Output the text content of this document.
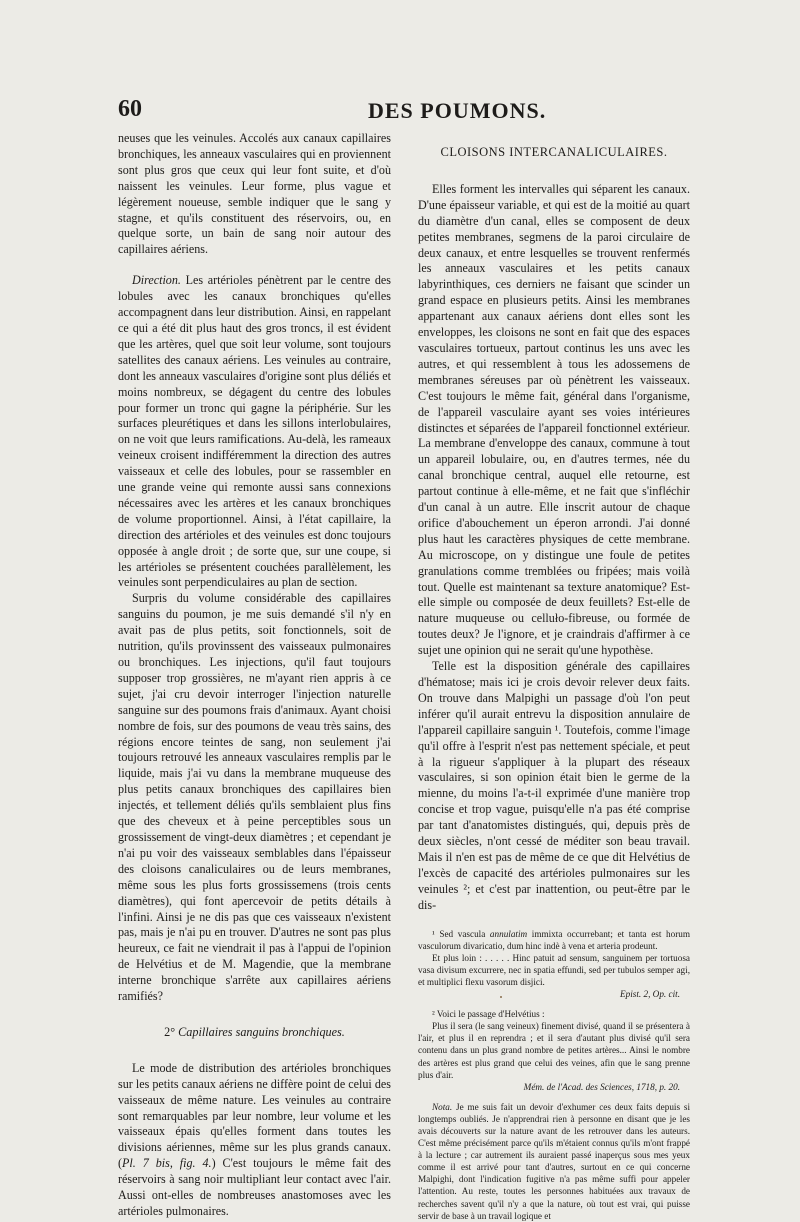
60	DES POUMONS.

neuses que les veinules. Accolés aux canaux capillaires bronchiques, les anneaux vasculaires qui en proviennent sont plus gros que ceux qui leur font suite, et d'où naissent les veinules. Leur forme, plus vague et légèrement noueuse, semble indiquer que le sang y stagne, et qu'ils constituent des réservoirs, ou, en quelque sorte, un bain de sang noir autour des capillaires aériens.

Direction. Les artérioles pénètrent par le centre des lobules avec les canaux bronchiques qu'elles accompagnent dans leur distribution. Ainsi, en rappelant ce qui a été dit plus haut des gros troncs, il est évident que les artères, quel que soit leur volume, sont toujours satellites des canaux aériens. Les veinules au contraire, dont les anneaux vasculaires d'origine sont plus déliés et moins nombreux, se dégagent du centre des lobules pour former un tronc qui gagne la périphérie. Sur les surfaces pleurétiques et dans les sillons interlobulaires, on ne voit que leurs ramifications. Au-delà, les rameaux veineux croisent indifféremment la direction des autres vaisseaux et celle des lobules, pour se rassembler en une grande veine qui remonte aussi sans connexions nécessaires avec les artères et les canaux bronchiques de volume proportionnel. Ainsi, à l'état capillaire, la direction des artérioles et des veinules est donc toujours opposée à angle droit ; de sorte que, sur une coupe, si les artérioles se présentent couchées parallèlement, les veinules sont perpendiculaires au plan de section.

Surpris du volume considérable des capillaires sanguins du poumon, je me suis demandé s'il n'y en avait pas de plus petits, soit fonctionnels, soit de nutrition, qu'ils provinssent des vaisseaux pulmonaires ou bronchiques. Les injections, qu'il faut toujours supposer trop grossières, ne m'ayant rien appris à ce sujet, j'ai cru devoir interroger l'injection naturelle sanguine sur des poumons frais d'animaux. Ayant choisi nombre de fois, sur des poumons de veau très sains, des régions encore teintes de sang, non seulement j'ai toujours retrouvé les anneaux vasculaires remplis par le liquide, mais j'ai vu dans la membrane muqueuse des plus petits canaux bronchiques des capillaires bien injectés, et tellement déliés qu'ils semblaient plus fins que des cheveux et à peine perceptibles sous un grossissement de vingt-deux diamètres ; et cependant je n'ai pu voir des vaisseaux semblables dans l'épaisseur des cloisons canaliculaires ou de leurs membranes, même sous les plus forts grossissemens (trois cents diamètres), qui font apercevoir de petits détails à l'infini. Ainsi je ne dis pas que ces vaisseaux n'existent pas, mais je n'ai pu en trouver. D'autres ne sont pas plus heureux, ce fait ne viendrait il pas à l'appui de l'opinion de Helvétius et de M. Magendie, que la membrane interne bronchique s'arrête aux capillaires aériens ramifiés?

2° Capillaires sanguins bronchiques.

Le mode de distribution des artérioles bronchiques sur les petits canaux aériens ne diffère point de celui des vaisseaux de même nature. Les veinules au contraire sont remarquables par leur nombre, leur volume et les vaisseaux épais qu'elles forment dans toutes les divisions aériennes, même sur les plus grands canaux. (Pl. 7 bis, fig. 4.) C'est toujours le même fait des réservoirs à sang noir multipliant leur contact avec l'air. Aussi ont-elles de nombreuses anastomoses avec les artérioles pulmonaires.

CLOISONS INTERCANALICULAIRES.

Elles forment les intervalles qui séparent les canaux. D'une épaisseur variable, et qui est de la moitié au quart du diamètre d'un canal, elles se composent de deux petites membranes, segmens de la paroi circulaire de deux canaux, et entre lesquelles se trouvent renfermés les anneaux vasculaires et les petits canaux labyrinthiques, ces derniers ne faisant que scinder un grand espace en plusieurs petits. Ainsi les membranes appartenant aux canaux aériens dont elles sont les enveloppes, les cloisons ne sont en fait que des espaces vasculaires tortueux, partout continus les uns avec les autres, et qui ressemblent à tous les adossemens de membranes séreuses par où pénètrent les vaisseaux. C'est toujours le même fait, général dans l'organisme, de l'appareil vasculaire ayant ses voies intérieures distinctes et séparées de l'appareil fonctionnel extérieur. La membrane d'enveloppe des canaux, commune à tout un appareil lobulaire, ou, en d'autres termes, née du canal bronchique central, auquel elle retourne, est partout continue à elle-même, et ne fait que s'infléchir d'un canal à un autre. Elle inscrit autour de chaque orifice d'abouchement un éperon arrondi. J'ai donné plus haut les caractères physiques de cette membrane. Au microscope, on y distingue une foule de petites granulations comme tremblées ou fripées; mais voilà tout. Quelle est maintenant sa texture anatomique? Est-elle simple ou composée de deux feuillets? Est-elle de nature muqueuse ou celluło-fibreuse, ou formée de toutes deux? Je l'ignore, et je craindrais d'affirmer à ce sujet une opinion qui ne serait qu'une hypothèse.

Telle est la disposition générale des capillaires d'hématose; mais ici je crois devoir relever deux faits. On trouve dans Malpighi un passage d'où l'on peut inférer qu'il aurait entrevu la disposition annulaire de l'appareil capillaire sanguin ¹. Toutefois, comme l'image qu'il offre à l'esprit n'est pas nettement spéciale, et peut à la rigueur s'appliquer à la plupart des réseaux vasculaires, si son opinion était bien le germe de la mienne, du moins l'a-t-il exprimée d'une manière trop concise et trop vague, puisqu'elle n'a pas été comprise par tant d'anatomistes distingués, qui, depuis près de deux siècles, n'ont cessé de méditer son beau travail. Mais il n'en est pas de même de ce que dit Helvétius de l'excès de capacité des artérioles pulmonaires sur les veinules ²; et c'est par inattention, ou peut-être par le dis-

¹ Sed vascula annulatim immixta occurrebant; et tanta est horum vasculorum divaricatio, dum hinc indè à vena et arteria prodeunt.

Et plus loin : . . . . . Hinc patuit ad sensum, sanguinem per tortuosa vasa divisum excurrere, nec in spatia effundi, sed per tubulos semper agi, et multiplici flexu vasorum disjici.

Epist. 2, Op. cit.

² Voici le passage d'Helvétius :

Plus il sera (le sang veineux) finement divisé, quand il se présentera à l'air, et plus il en reprendra ; et il sera d'autant plus divisé qu'il sera contenu dans un plus grand nombre de petites artères... Ainsi le nombre des artères est plus grand que celui des veines, afin que le sang prenne plus d'air.

Mém. de l'Acad. des Sciences, 1718, p. 20.

Nota. Je me suis fait un devoir d'exhumer ces deux faits depuis si longtemps oubliés. Je n'apprendrai rien à personne en disant que je les avais découverts sur la nature avant de les retrouver dans les auteurs. C'est même précisément parce qu'ils m'étaient connus qu'ils m'ont frappé à la lecture ; car autrement ils auraient passé inaperçus sous mes yeux comme il est arrivé pour tant d'autres, surtout en ce qui concerne Malpighi, dont l'indication fugitive n'a pas même suffi pour appeler l'attention. Au reste, toutes les personnes habituées aux travaux de recherches savent qu'il n'y a que la nature, où tout est vrai, qui puisse servir de base à un travail logique et
